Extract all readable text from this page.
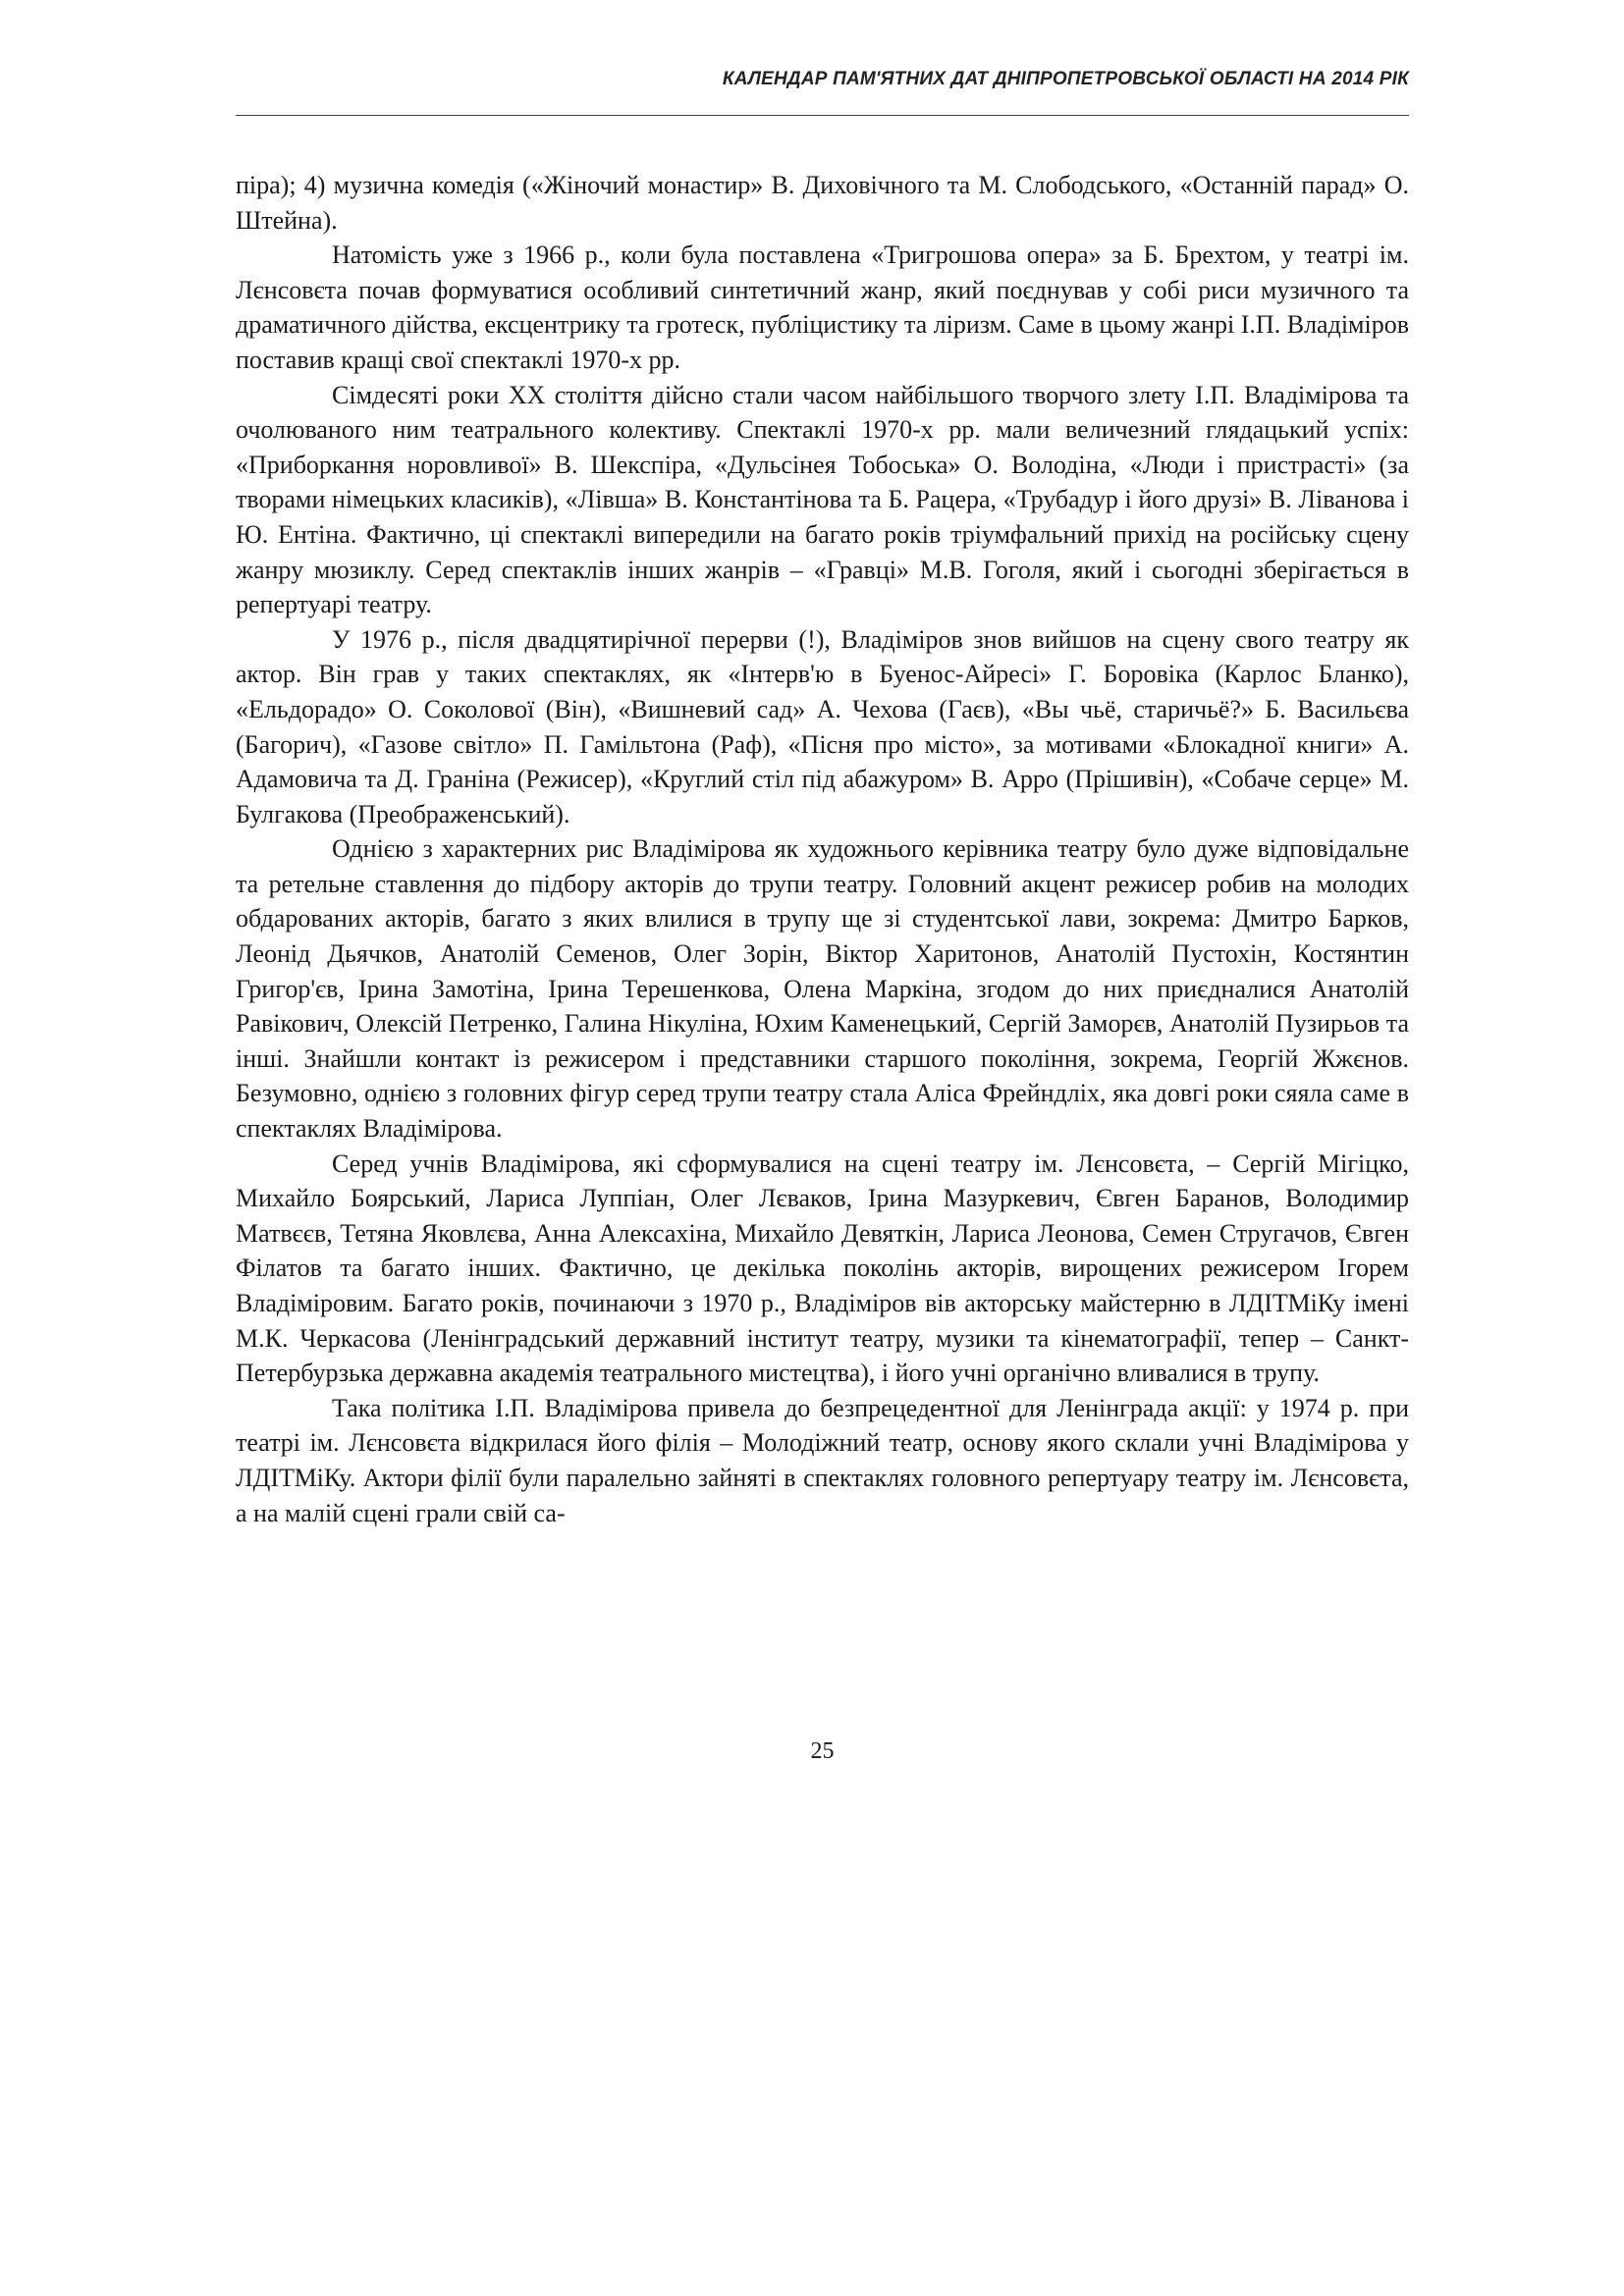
КАЛЕНДАР ПАМ'ЯТНИХ ДАТ ДНІПРОПЕТРОВСЬКОЇ ОБЛАСТІ НА 2014 РІК

піра); 4) музична комедія («Жіночий монастир» В. Диховічного та М. Слободського, «Останній парад» О. Штейна).

Натомість уже з 1966 р., коли була поставлена «Тригрошова опера» за Б. Брехтом, у театрі ім. Лєнсовєта почав формуватися особливий синтетичний жанр, який поєднував у собі риси музичного та драматичного дійства, ексцентрику та гротеск, публіцистику та ліризм. Саме в цьому жанрі І.П. Владіміров поставив кращі свої спектаклі 1970-х рр.

Сімдесяті роки XX століття дійсно стали часом найбільшого творчого злету І.П. Владімірова та очолюваного ним театрального колективу. Спектаклі 1970-х рр. мали величезний глядацький успіх: «Приборкання норовливої» В. Шекспіра, «Дульсінея Тобоська» О. Володіна, «Люди і пристрасті» (за творами німецьких класиків), «Лівша» В. Константінова та Б. Рацера, «Трубадур і його друзі» В. Ліванова і Ю. Ентіна. Фактично, ці спектаклі випередили на багато років тріумфальний прихід на російську сцену жанру мюзиклу. Серед спектаклів інших жанрів – «Гравці» М.В. Гоголя, який і сьогодні зберігається в репертуарі театру.

У 1976 р., після двадцятирічної перерви (!), Владіміров знов вийшов на сцену свого театру як актор. Він грав у таких спектаклях, як «Інтерв'ю в Буенос-Айресі» Г. Боровіка (Карлос Бланко), «Ельдорадо» О. Соколової (Він), «Вишневий сад» А. Чехова (Гаєв), «Вы чьё, старичьё?» Б. Васильєва (Багорич), «Газове світло» П. Гамільтона (Раф), «Пісня про місто», за мотивами «Блокадної книги» А. Адамовича та Д. Граніна (Режисер), «Круглий стіл під абажуром» В. Арро (Прішивін), «Собаче серце» М. Булгакова (Преображенський).

Однією з характерних рис Владімірова як художнього керівника театру було дуже відповідальне та ретельне ставлення до підбору акторів до трупи театру. Головний акцент режисер робив на молодих обдарованих акторів, багато з яких влилися в трупу ще зі студентської лави, зокрема: Дмитро Барков, Леонід Дьячков, Анатолій Семенов, Олег Зорін, Віктор Харитонов, Анатолій Пустохін, Костянтин Григор'єв, Ірина Замотіна, Ірина Терешенкова, Олена Маркіна, згодом до них приєдналися Анатолій Равікович, Олексій Петренко, Галина Нікуліна, Юхим Каменецький, Сергій Заморєв, Анатолій Пузирьов та інші. Знайшли контакт із режисером і представники старшого покоління, зокрема, Георгій Жжєнов. Безумовно, однією з головних фігур серед трупи театру стала Аліса Фрейндліх, яка довгі роки сяяла саме в спектаклях Владімірова.

Серед учнів Владімірова, які сформувалися на сцені театру ім. Лєнсовєта, – Сергій Мігіцко, Михайло Боярський, Лариса Луппіан, Олег Лєваков, Ірина Мазуркевич, Євген Баранов, Володимир Матвєєв, Тетяна Яковлєва, Анна Алексахіна, Михайло Девяткін, Лариса Леонова, Семен Стругачов, Євген Філатов та багато інших. Фактично, це декілька поколінь акторів, вирощених режисером Ігорем Владіміровим. Багато років, починаючи з 1970 р., Владіміров вів акторську майстерню в ЛДІТМіКу імені М.К. Черкасова (Ленінградський державний інститут театру, музики та кінематографії, тепер – Санкт-Петербурзька державна академія театрального мистецтва), і його учні органічно вливалися в трупу.

Така політика І.П. Владімірова привела до безпрецедентної для Ленінграда акції: у 1974 р. при театрі ім. Лєнсовєта відкрилася його філія – Молодіжний театр, основу якого склали учні Владімірова у ЛДІТМіКу. Актори філії були паралельно зайняті в спектаклях головного репертуару театру ім. Лєнсовєта, а на малій сцені грали свій са-

25
